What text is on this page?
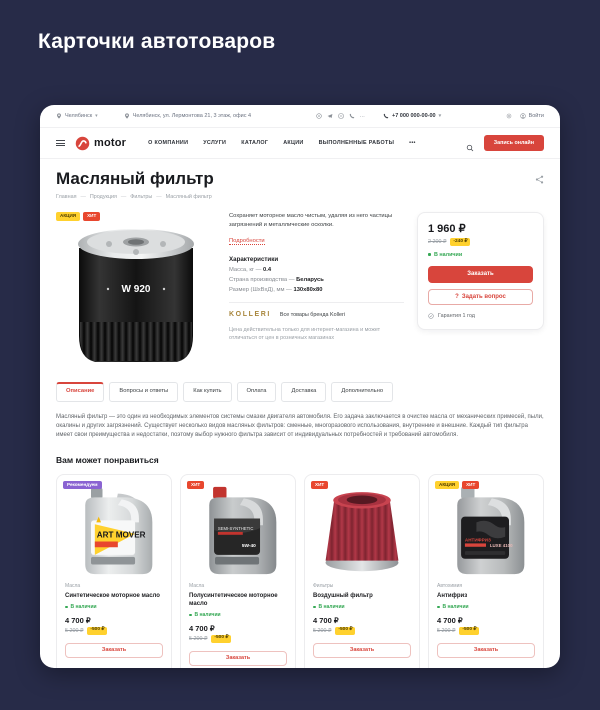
Карточки автотоваров
Челябинск ▾	Челябинск, ул. Лермонтова 21, 3 этаж, офис 4	…	+7 000 000-00-00 ▾	Войти
motor	О КОМПАНИИ	УСЛУГИ	КАТАЛОГ	АКЦИИ	ВЫПОЛНЕННЫЕ РАБОТЫ	•••	Запись онлайн
Масляный фильтр
Главная — Продукция — Фильтры — Масляный фильтр
АКЦИЯ	ХИТ
W 920
Сохраняет моторное масло чистым, удаляя из него частицы загрязнений и металлические осколки.
Подробности
Характеристики
Масса, кг — 0.4
Страна производства — Беларусь
Размер (ШхВхД), мм — 130х80х80
KOLLERI Все товары бренда Kolleri
Цена действительна только для интернет-магазина и может отличаться от цен в розничных магазинах
1 960 ₽
2 200 ₽	-240 ₽
В наличии
Заказать
? Задать вопрос
Гарантия 1 год
Описание	Вопросы и ответы	Как купить	Оплата	Доставка	Дополнительно
Масляный фильтр — это один из необходимых элементов системы смазки двигателя автомобиля. Его задача заключается в очистке масла от механических примесей, пыли, окалины и других загрязнений. Существует несколько видов масляных фильтров: сменные, многоразового использования, внутренние и внешние. Каждый тип фильтра имеет свои преимущества и недостатки, поэтому выбор нужного фильтра зависит от индивидуальных потребностей и требований автомобиля.
Вам может понравиться
Рекомендуем
ART MOVER
Масла
Синтетическое моторное масло
В наличии
4 700 ₽
5 200 ₽	-500 ₽
Заказать
ХИТ
SEMI-SYNTHETIC
5W-40
Масла
Полусинтетическое моторное масло
В наличии
4 700 ₽
5 200 ₽	-500 ₽
Заказать
ХИТ
Фильтры
Воздушный фильтр
В наличии
4 700 ₽
5 200 ₽	-500 ₽
Заказать
АКЦИЯ	ХИТ
АНТИФРИЗ
LUXE 4100
Автохимия
Антифриз
В наличии
4 700 ₽
5 200 ₽	-500 ₽
Заказать
